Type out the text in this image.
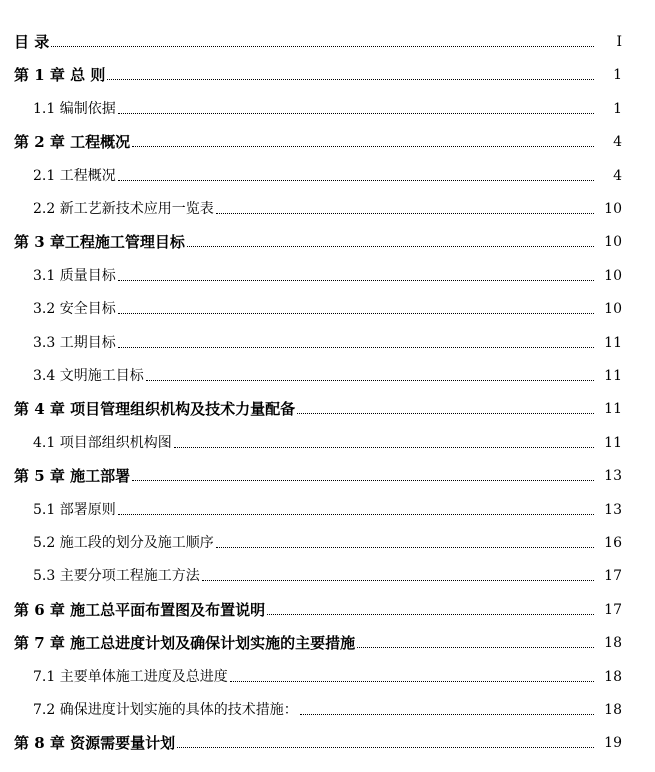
目 录	I
第 1 章 总 则	1
1.1 编制依据	1
第 2 章 工程概况	4
2.1 工程概况	4
2.2 新工艺新技术应用一览表	10
第 3 章工程施工管理目标	10
3.1 质量目标	10
3.2 安全目标	10
3.3 工期目标	11
3.4 文明施工目标	11
第 4 章 项目管理组织机构及技术力量配备	11
4.1 项目部组织机构图	11
第 5 章 施工部署	13
5.1 部署原则	13
5.2 施工段的划分及施工顺序	16
5.3 主要分项工程施工方法	17
第 6 章 施工总平面布置图及布置说明	17
第 7 章 施工总进度计划及确保计划实施的主要措施	18
7.1 主要单体施工进度及总进度	18
7.2 确保进度计划实施的具体的技术措施：	18
第 8 章 资源需要量计划	19
